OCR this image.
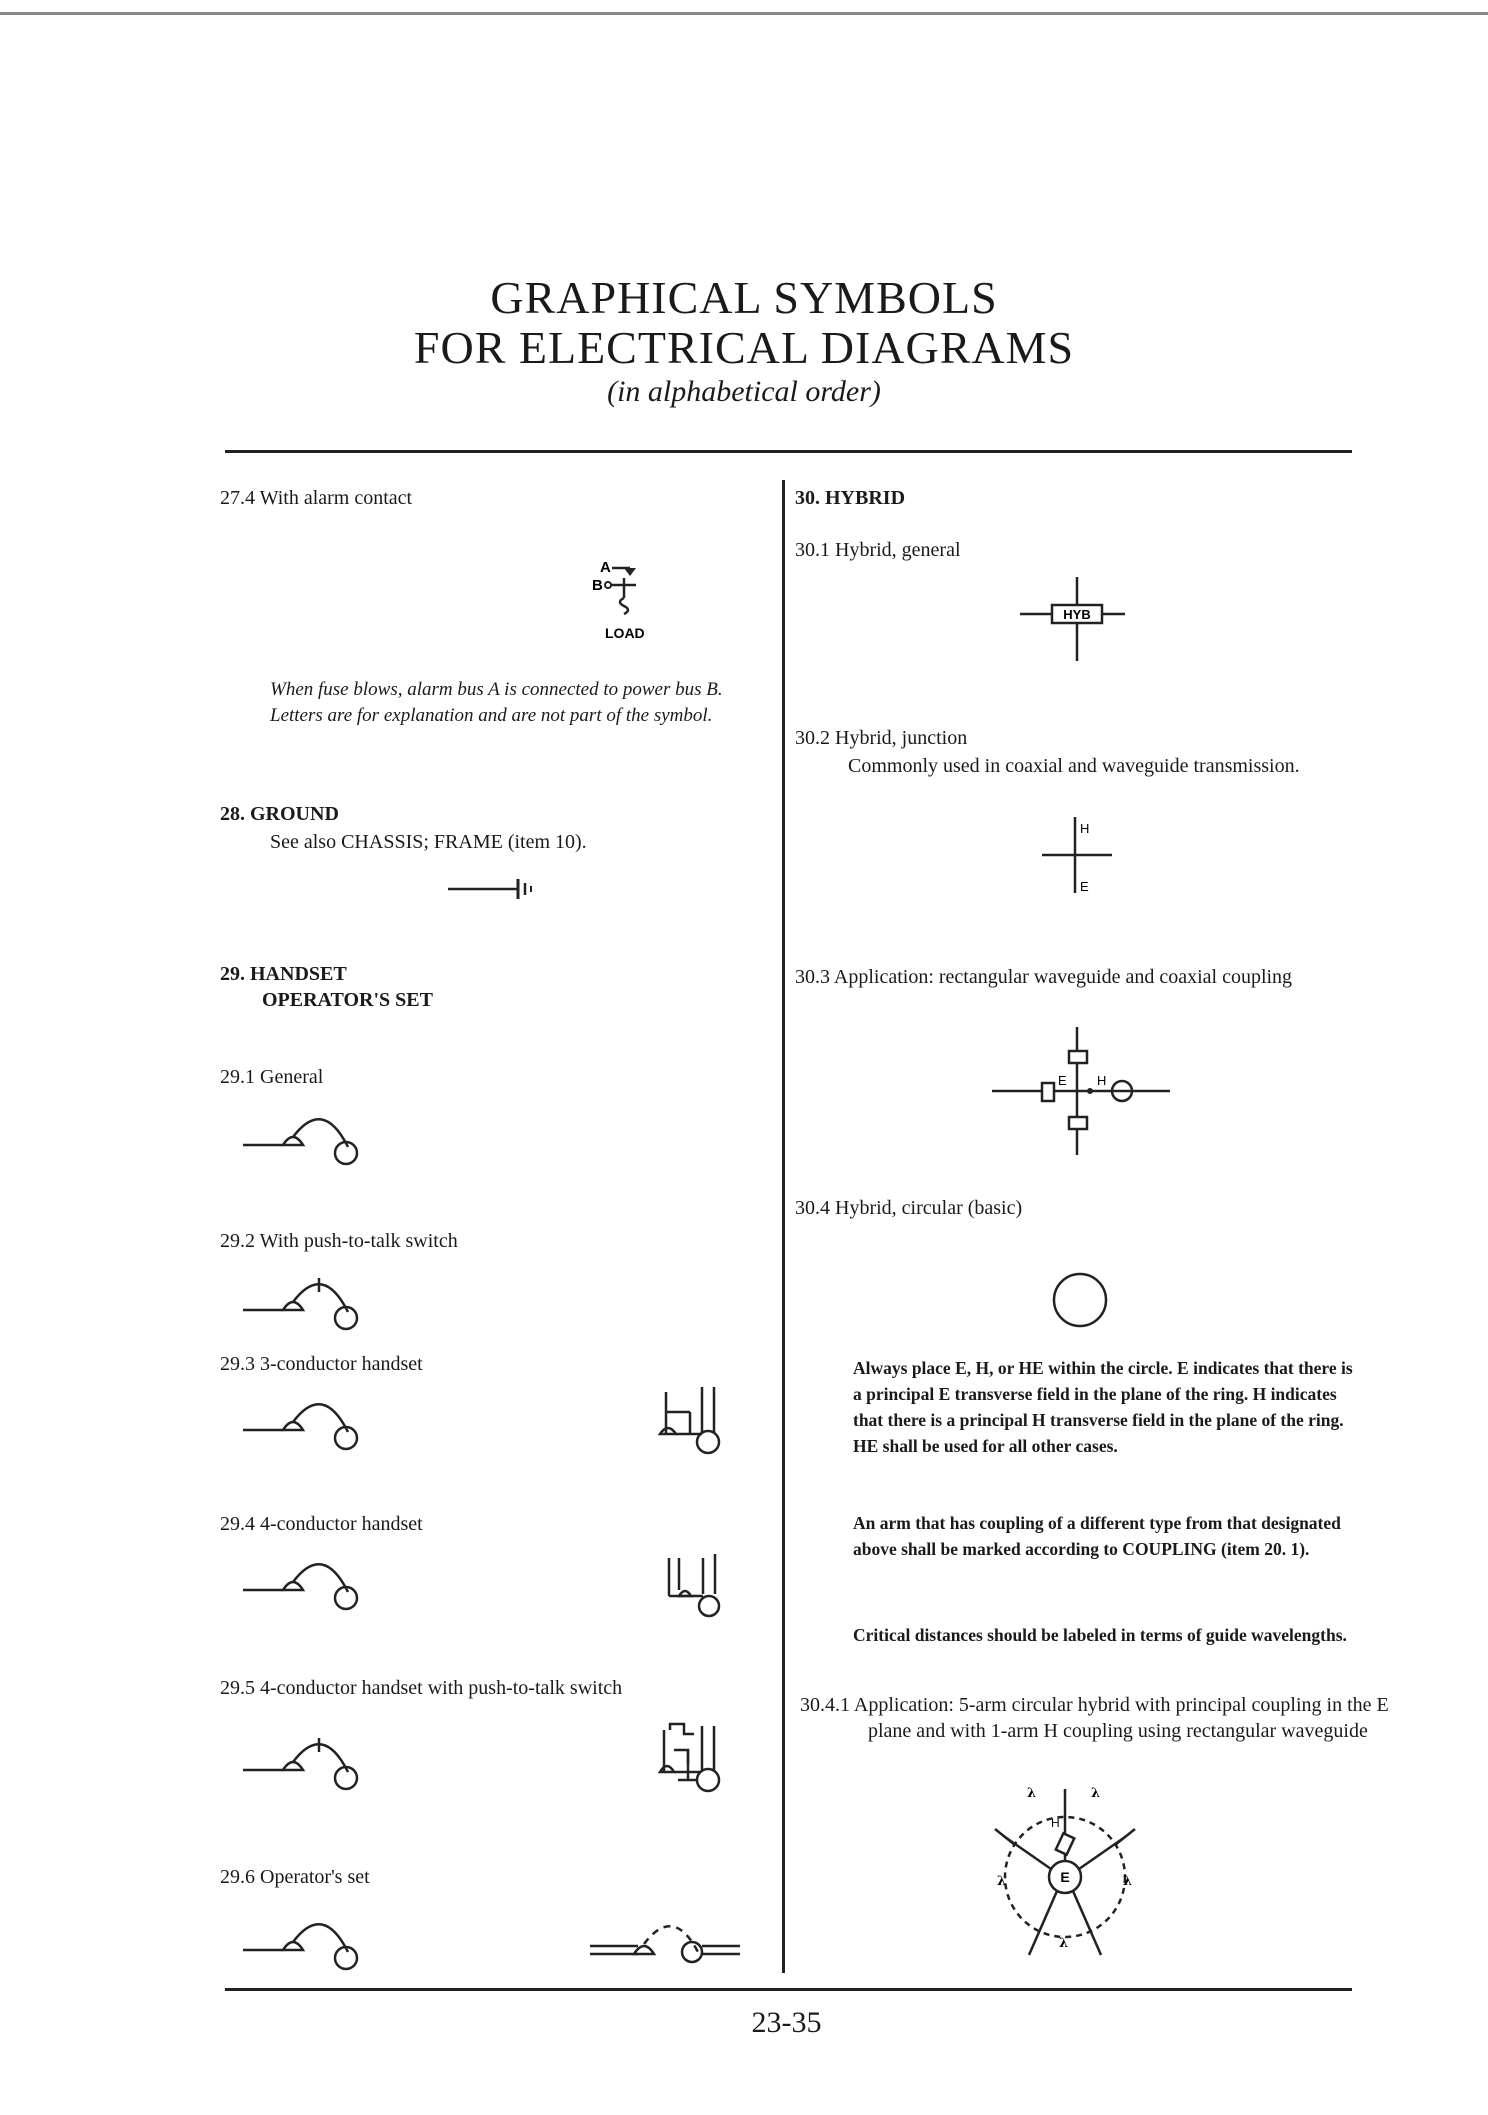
GRAPHICAL SYMBOLS
FOR ELECTRICAL DIAGRAMS
(in alphabetical order)
27.4 With alarm contact
A
B
LOAD
When fuse blows, alarm bus A is connected to power bus B. Letters are for explanation and are not part of the symbol.
28. GROUND
See also CHASSIS; FRAME (item 10).
29. HANDSET
OPERATOR'S SET
29.1 General
29.2 With push-to-talk switch
29.3 3-conductor handset
29.4 4-conductor handset
29.5 4-conductor handset with push-to-talk switch
29.6 Operator's set
30. HYBRID
30.1 Hybrid, general
HYB
30.2 Hybrid, junction
Commonly used in coaxial and waveguide transmission.
H
E
30.3 Application: rectangular waveguide and coaxial coupling
E H
30.4 Hybrid, circular (basic)
Always place E, H, or HE within the circle. E indicates that there is a principal E transverse field in the plane of the ring. H indicates that there is a principal H transverse field in the plane of the ring. HE shall be used for all other cases.
An arm that has coupling of a different type from that designated above shall be marked according to COUPLING (item 20. 1).
Critical distances should be labeled in terms of guide wavelengths.
30.4.1 Application: 5-arm circular hybrid with principal coupling in the E plane and with 1-arm H coupling using rectangular waveguide
E
H
λ	λ
λ	λ
λ
23-35
